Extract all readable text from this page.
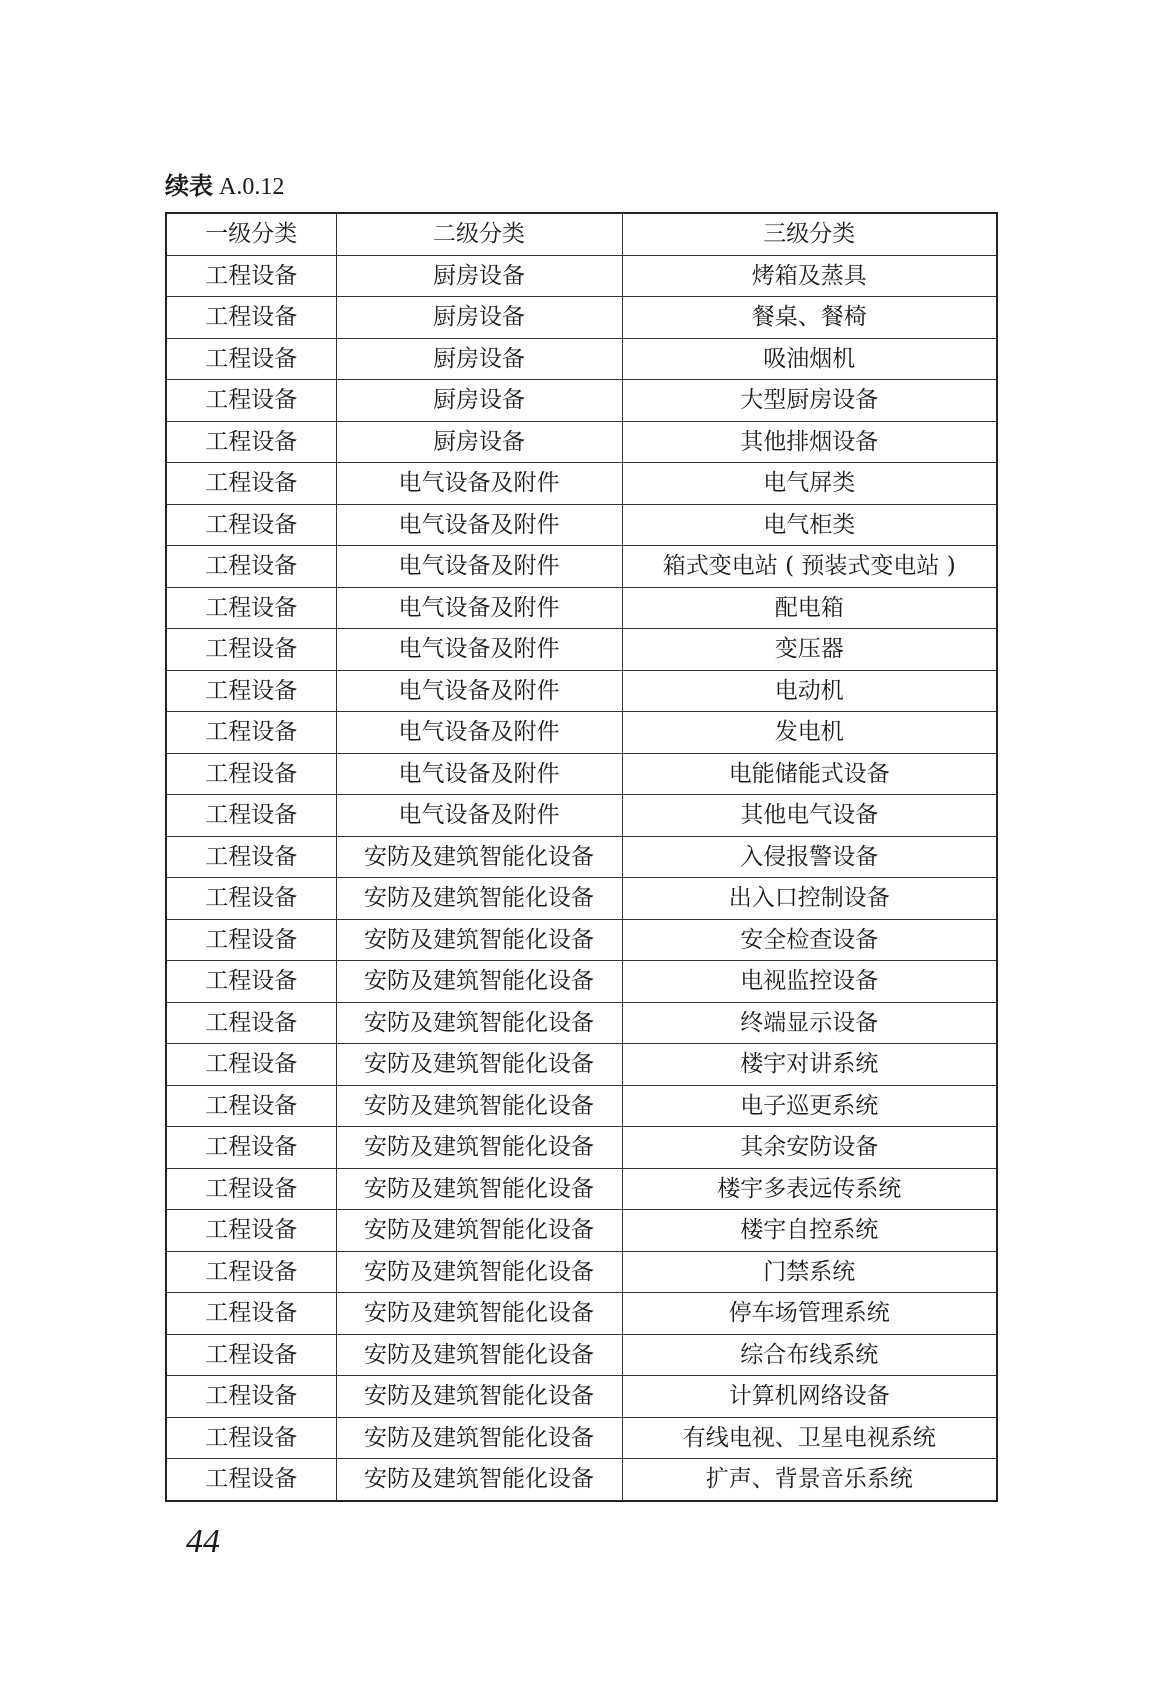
续表 A.0.12
一级分类	二级分类	三级分类
工程设备	厨房设备	烤箱及蒸具
工程设备	厨房设备	餐桌、餐椅
工程设备	厨房设备	吸油烟机
工程设备	厨房设备	大型厨房设备
工程设备	厨房设备	其他排烟设备
工程设备	电气设备及附件	电气屏类
工程设备	电气设备及附件	电气柜类
工程设备	电气设备及附件	箱式变电站 ( 预装式变电站 )
工程设备	电气设备及附件	配电箱
工程设备	电气设备及附件	变压器
工程设备	电气设备及附件	电动机
工程设备	电气设备及附件	发电机
工程设备	电气设备及附件	电能储能式设备
工程设备	电气设备及附件	其他电气设备
工程设备	安防及建筑智能化设备	入侵报警设备
工程设备	安防及建筑智能化设备	出入口控制设备
工程设备	安防及建筑智能化设备	安全检查设备
工程设备	安防及建筑智能化设备	电视监控设备
工程设备	安防及建筑智能化设备	终端显示设备
工程设备	安防及建筑智能化设备	楼宇对讲系统
工程设备	安防及建筑智能化设备	电子巡更系统
工程设备	安防及建筑智能化设备	其余安防设备
工程设备	安防及建筑智能化设备	楼宇多表远传系统
工程设备	安防及建筑智能化设备	楼宇自控系统
工程设备	安防及建筑智能化设备	门禁系统
工程设备	安防及建筑智能化设备	停车场管理系统
工程设备	安防及建筑智能化设备	综合布线系统
工程设备	安防及建筑智能化设备	计算机网络设备
工程设备	安防及建筑智能化设备	有线电视、卫星电视系统
工程设备	安防及建筑智能化设备	扩声、背景音乐系统
44
